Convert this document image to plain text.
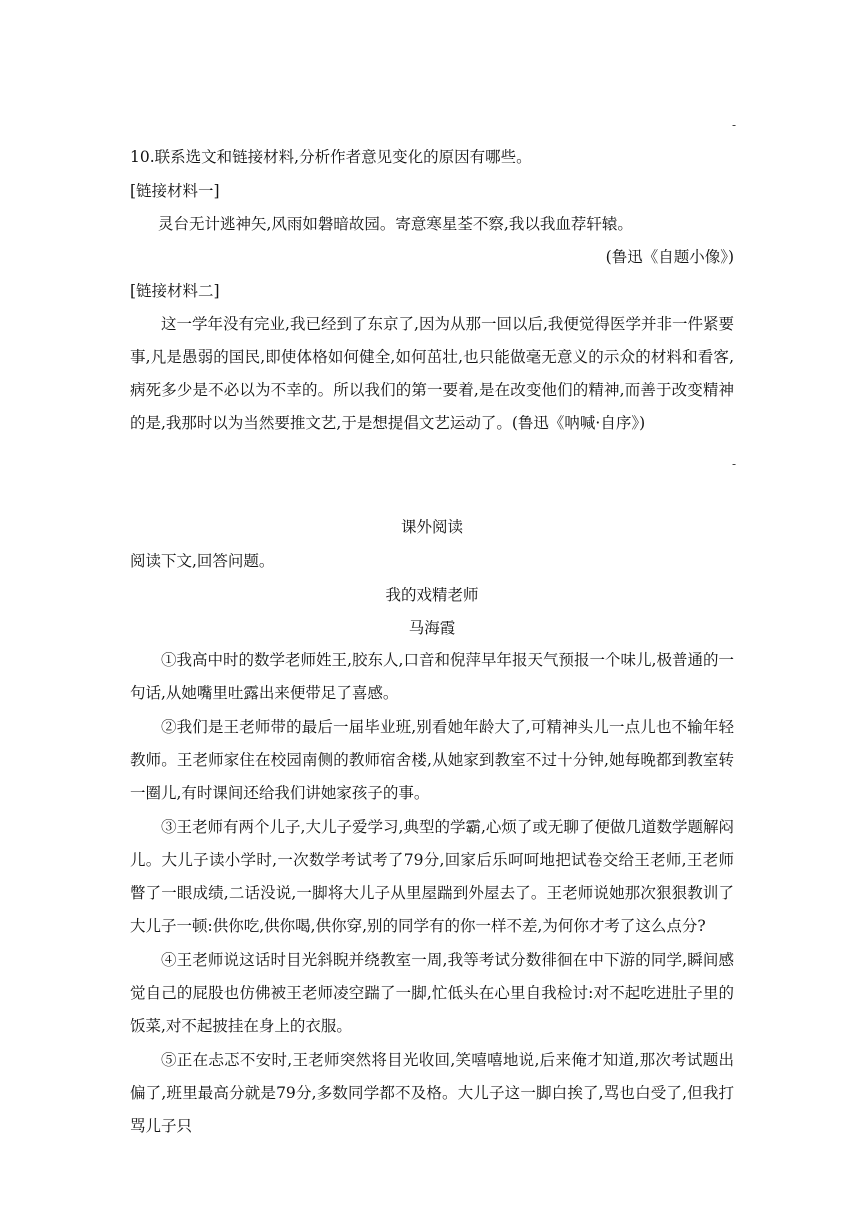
-
10.联系选文和链接材料,分析作者意见变化的原因有哪些。
[链接材料一]
灵台无计逃神矢,风雨如磐暗故园。寄意寒星荃不察,我以我血荐轩辕。
(鲁迅《自题小像》)
[链接材料二]
这一学年没有完业,我已经到了东京了,因为从那一回以后,我便觉得医学并非一件紧要事,凡是愚弱的国民,即使体格如何健全,如何茁壮,也只能做毫无意义的示众的材料和看客,病死多少是不必以为不幸的。所以我们的第一要着,是在改变他们的精神,而善于改变精神的是,我那时以为当然要推文艺,于是想提倡文艺运动了。(鲁迅《呐喊·自序》)
-
课外阅读
阅读下文,回答问题。
我的戏精老师
马海霞
①我高中时的数学老师姓王,胶东人,口音和倪萍早年报天气预报一个味儿,极普通的一句话,从她嘴里吐露出来便带足了喜感。
②我们是王老师带的最后一届毕业班,别看她年龄大了,可精神头儿一点儿也不输年轻教师。王老师家住在校园南侧的教师宿舍楼,从她家到教室不过十分钟,她每晚都到教室转一圈儿,有时课间还给我们讲她家孩子的事。
③王老师有两个儿子,大儿子爱学习,典型的学霸,心烦了或无聊了便做几道数学题解闷儿。大儿子读小学时,一次数学考试考了79分,回家后乐呵呵地把试卷交给王老师,王老师瞥了一眼成绩,二话没说,一脚将大儿子从里屋踹到外屋去了。王老师说她那次狠狠教训了大儿子一顿:供你吃,供你喝,供你穿,别的同学有的你一样不差,为何你才考了这么点分?
④王老师说这话时目光斜睨并绕教室一周,我等考试分数徘徊在中下游的同学,瞬间感觉自己的屁股也仿佛被王老师凌空踹了一脚,忙低头在心里自我检讨:对不起吃进肚子里的饭菜,对不起披挂在身上的衣服。
⑤正在忐忑不安时,王老师突然将目光收回,笑嘻嘻地说,后来俺才知道,那次考试题出偏了,班里最高分就是79分,多数同学都不及格。大儿子这一脚白挨了,骂也白受了,但我打骂儿子只
